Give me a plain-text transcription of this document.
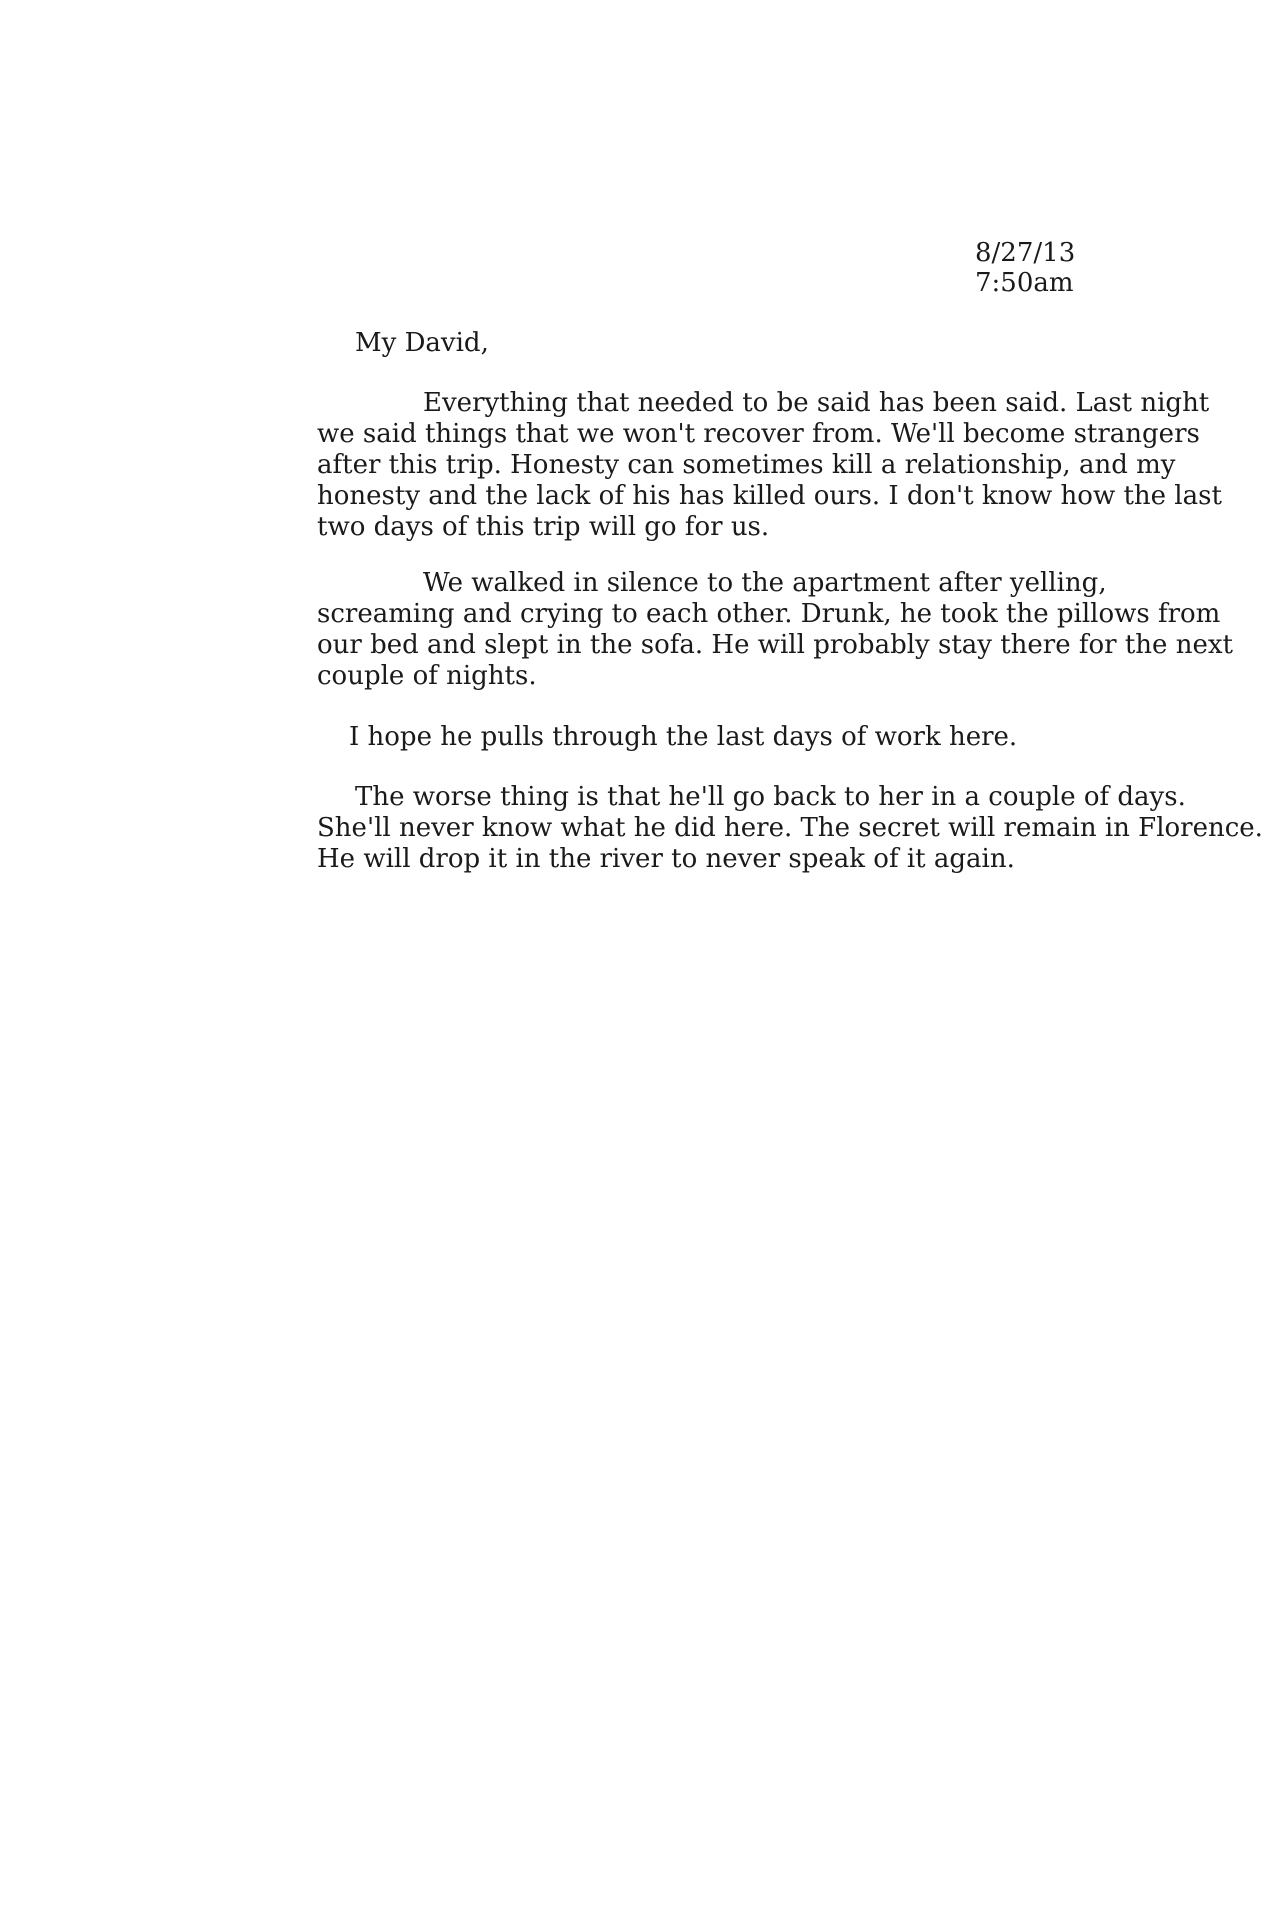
8/27/13
7:50am
My David,
Everything that needed to be said has been said. Last night
we said things that we won't recover from. We'll become strangers
after this trip. Honesty can sometimes kill a relationship, and my
honesty and the lack of his has killed ours. I don't know how the last
two days of this trip will go for us.
We walked in silence to the apartment after yelling,
screaming and crying to each other. Drunk, he took the pillows from
our bed and slept in the sofa. He will probably stay there for the next
couple of nights.
I hope he pulls through the last days of work here.
The worse thing is that he'll go back to her in a couple of days.
She'll never know what he did here. The secret will remain in Florence.
He will drop it in the river to never speak of it again.
